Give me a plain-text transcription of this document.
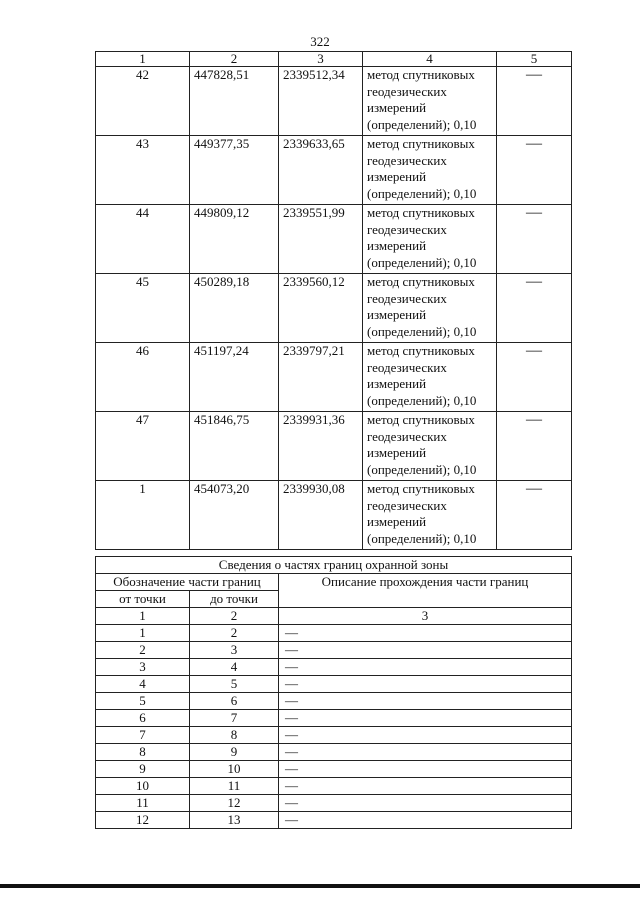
322
1	2	3	4	5
42	447828,51	2339512,34	метод спутниковых
геодезических
измерений
(определений); 0,10	—
43	449377,35	2339633,65	метод спутниковых
геодезических
измерений
(определений); 0,10	—
44	449809,12	2339551,99	метод спутниковых
геодезических
измерений
(определений); 0,10	—
45	450289,18	2339560,12	метод спутниковых
геодезических
измерений
(определений); 0,10	—
46	451197,24	2339797,21	метод спутниковых
геодезических
измерений
(определений); 0,10	—
47	451846,75	2339931,36	метод спутниковых
геодезических
измерений
(определений); 0,10	—
1	454073,20	2339930,08	метод спутниковых
геодезических
измерений
(определений); 0,10	—
Сведения о частях границ охранной зоны		
Обозначение части границ		Описание прохождения части границ
от точки	до точки	
1	2	3
1	2	—
2	3	—
3	4	—
4	5	—
5	6	—
6	7	—
7	8	—
8	9	—
9	10	—
10	11	—
11	12	—
12	13	—
